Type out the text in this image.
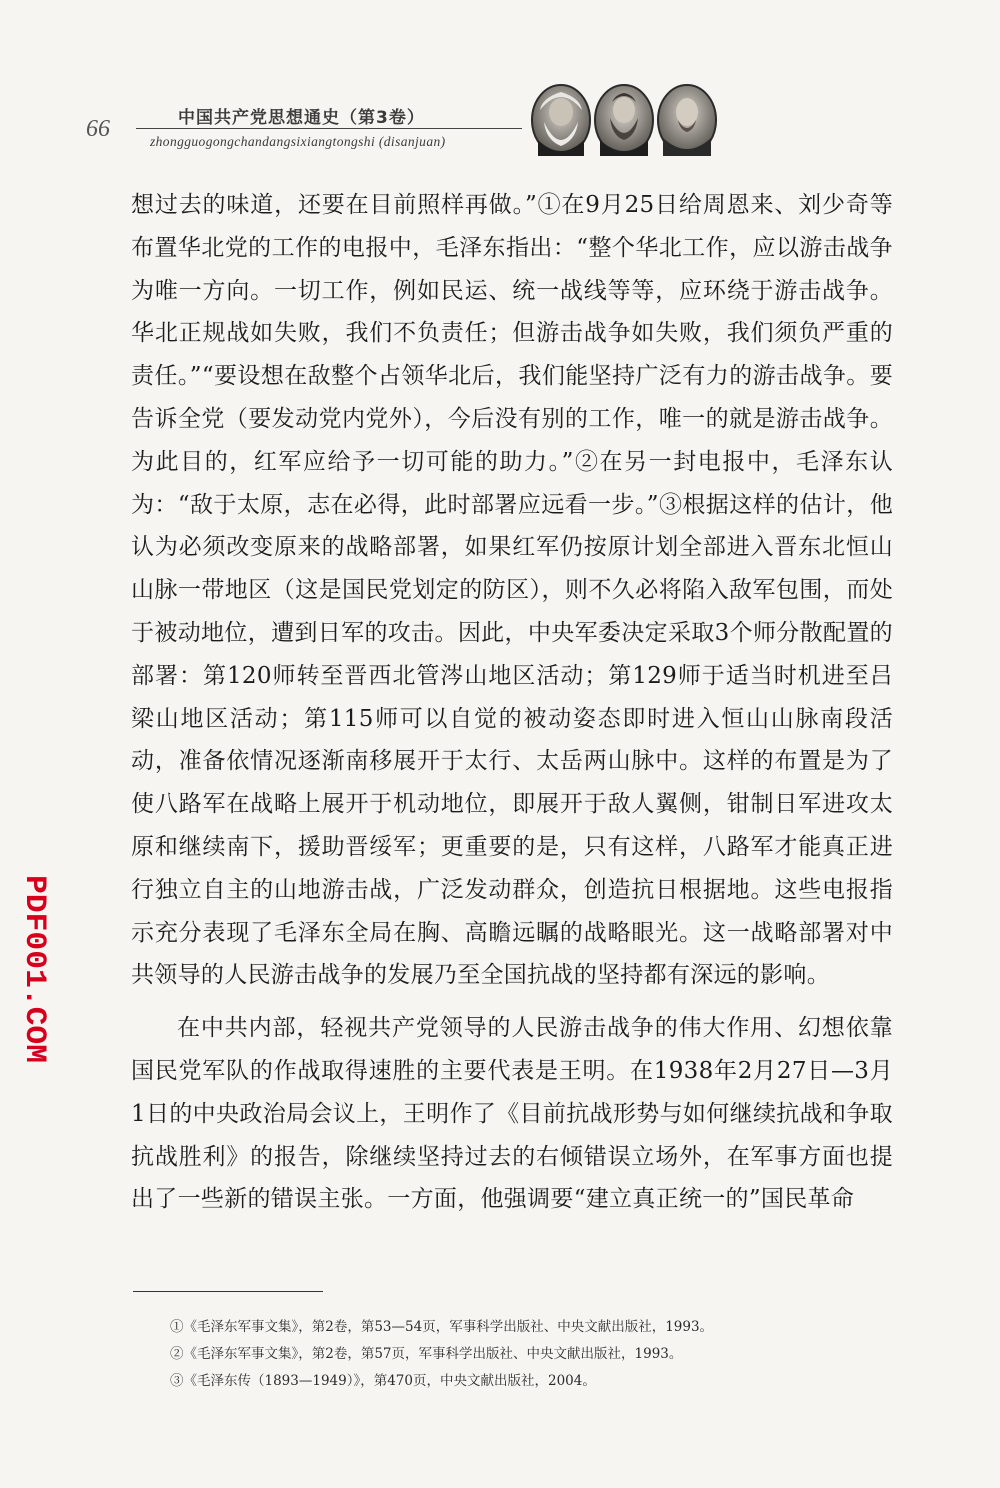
66	中国共产党思想通史（第3卷）
zhongguogongchandangsixiangtongshi (disanjuan)

想过去的味道，还要在目前照样再做。”①在9月25日给周恩来、刘少奇等布置华北党的工作的电报中，毛泽东指出：“整个华北工作，应以游击战争为唯一方向。一切工作，例如民运、统一战线等等，应环绕于游击战争。华北正规战如失败，我们不负责任；但游击战争如失败，我们须负严重的责任。”“要设想在敌整个占领华北后，我们能坚持广泛有力的游击战争。要告诉全党（要发动党内党外），今后没有别的工作，唯一的就是游击战争。为此目的，红军应给予一切可能的助力。”②在另一封电报中，毛泽东认为：“敌于太原，志在必得，此时部署应远看一步。”③根据这样的估计，他认为必须改变原来的战略部署，如果红军仍按原计划全部进入晋东北恒山山脉一带地区（这是国民党划定的防区），则不久必将陷入敌军包围，而处于被动地位，遭到日军的攻击。因此，中央军委决定采取3个师分散配置的部署：第120师转至晋西北管涔山地区活动；第129师于适当时机进至吕梁山地区活动；第115师可以自觉的被动姿态即时进入恒山山脉南段活动，准备依情况逐渐南移展开于太行、太岳两山脉中。这样的布置是为了使八路军在战略上展开于机动地位，即展开于敌人翼侧，钳制日军进攻太原和继续南下，援助晋绥军；更重要的是，只有这样，八路军才能真正进行独立自主的山地游击战，广泛发动群众，创造抗日根据地。这些电报指示充分表现了毛泽东全局在胸、高瞻远瞩的战略眼光。这一战略部署对中共领导的人民游击战争的发展乃至全国抗战的坚持都有深远的影响。

在中共内部，轻视共产党领导的人民游击战争的伟大作用、幻想依靠国民党军队的作战取得速胜的主要代表是王明。在1938年2月27日—3月1日的中央政治局会议上，王明作了《目前抗战形势与如何继续抗战和争取抗战胜利》的报告，除继续坚持过去的右倾错误立场外，在军事方面也提出了一些新的错误主张。一方面，他强调要“建立真正统一的”国民革命

①《毛泽东军事文集》，第2卷，第53—54页，军事科学出版社、中央文献出版社，1993。
②《毛泽东军事文集》，第2卷，第57页，军事科学出版社、中央文献出版社，1993。
③《毛泽东传（1893—1949）》，第470页，中央文献出版社，2004。
PDF001.COM
